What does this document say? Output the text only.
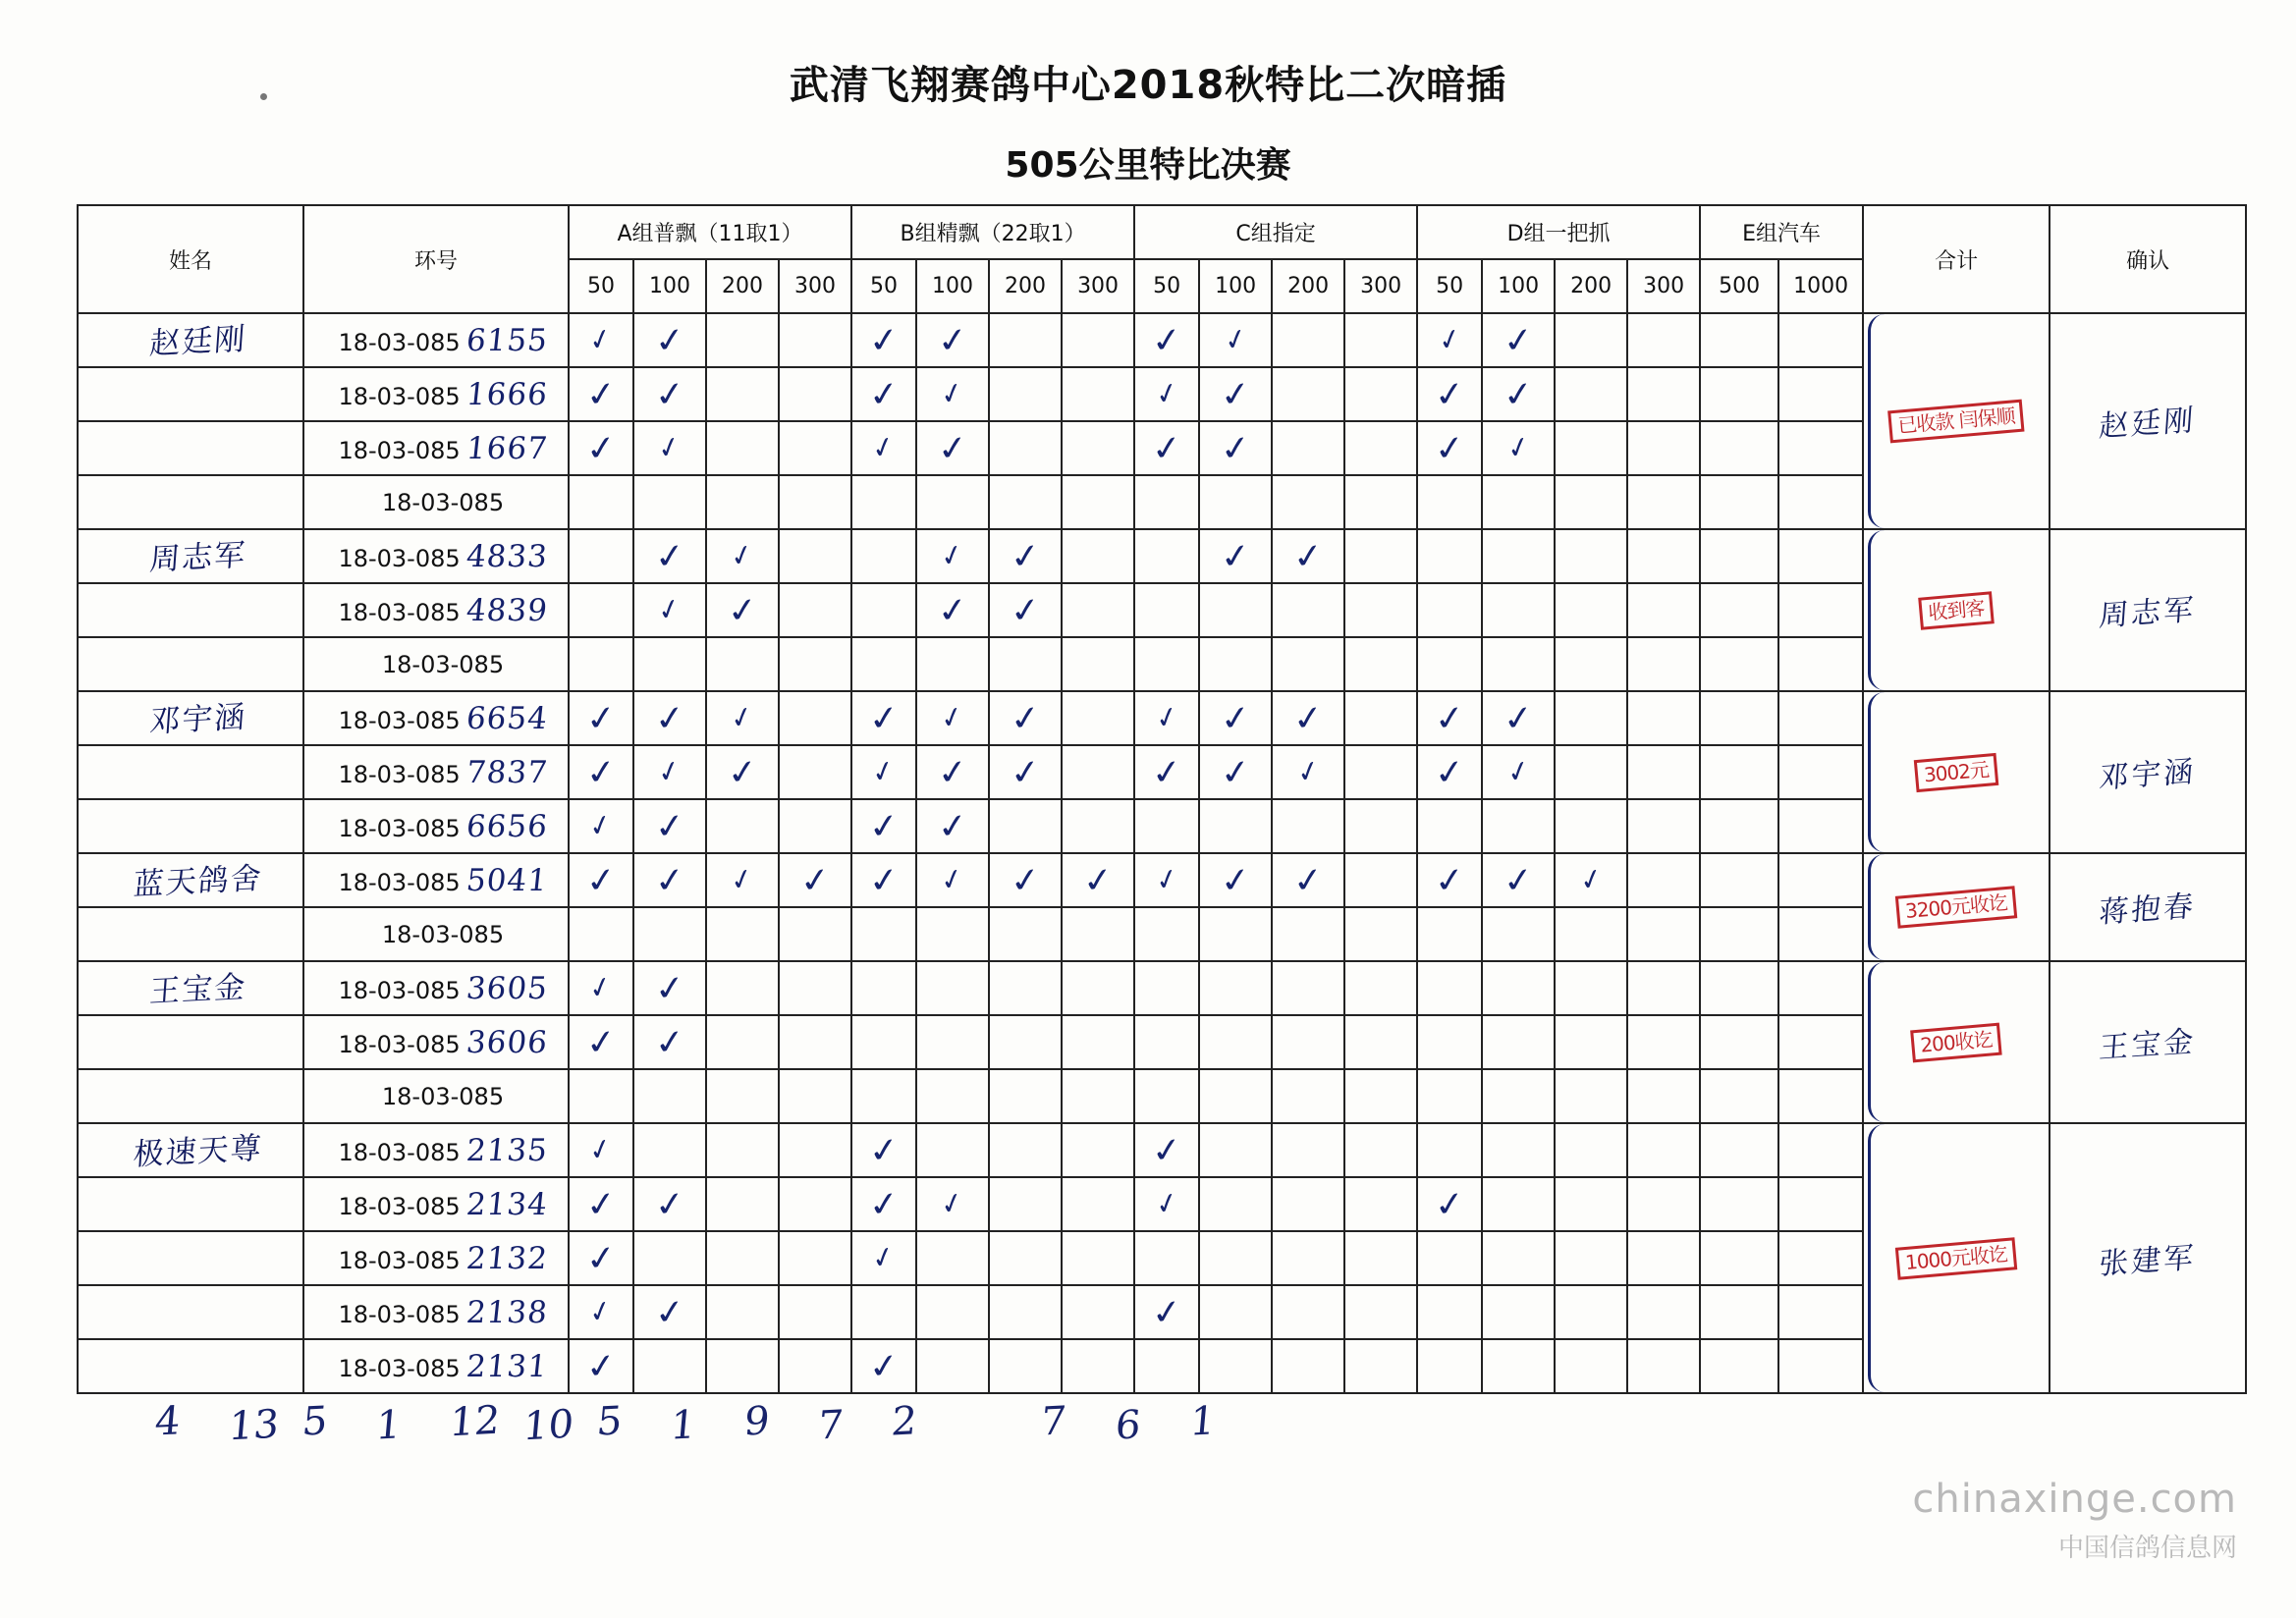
武清飞翔赛鸽中心2018秋特比二次暗插
505公里特比决赛
姓名	环号	A组普飘（11取1）				B组精飘（22取1）				C组指定				D组一把抓				E组汽车		合计	确认
		50	100	200	300	50	100	200	300	50	100	200	300	50	100	200	300	500	1000		

赵廷刚	18-03-085 6155	✓	✓			✓	✓			✓	✓			✓	✓					已收款 闫保顺	赵廷刚

	18-03-085 1666	✓	✓			✓	✓			✓	✓			✓	✓						
	18-03-085 1667	✓	✓			✓	✓			✓	✓			✓	✓						
	18-03-085																				

周志军	18-03-085 4833		✓	✓			✓	✓			✓	✓								收到客	周志军

	18-03-085 4839		✓	✓			✓	✓													
	18-03-085																				

邓宇涵	18-03-085 6654	✓	✓	✓		✓	✓	✓		✓	✓	✓		✓	✓					3002元	邓宇涵

	18-03-085 7837	✓	✓	✓		✓	✓	✓		✓	✓	✓		✓	✓						
	18-03-085 6656	✓	✓			✓	✓														

蓝天鸽舍	18-03-085 5041	✓	✓	✓	✓	✓	✓	✓	✓	✓	✓	✓		✓	✓	✓				3200元收讫	蒋抱春

	18-03-085																				

王宝金	18-03-085 3605	✓	✓																	200收讫	王宝金

	18-03-085 3606	✓	✓																		
	18-03-085																				

极速天尊	18-03-085 2135	✓				✓				✓										1000元收讫	张建军

	18-03-085 2134	✓	✓			✓	✓			✓				✓							
	18-03-085 2132	✓				✓															
	18-03-085 2138	✓	✓							✓											
	18-03-085 2131	✓				✓															
4 13 5 1 12 10 5 1 9 7 2	7 6 1
chinaxinge.com
中国信鸽信息网
